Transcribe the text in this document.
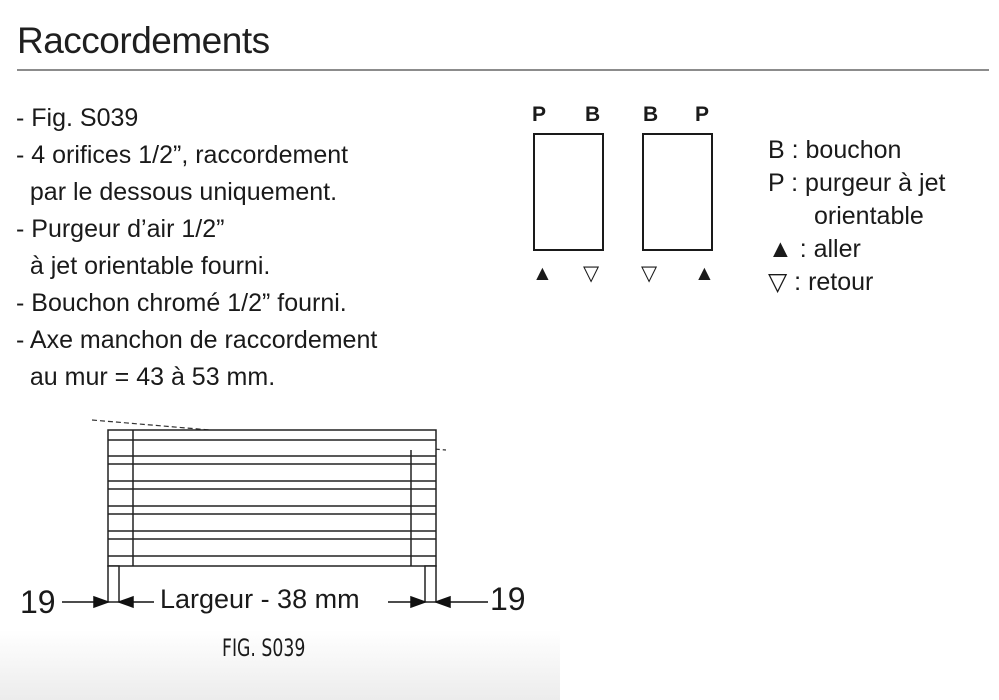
Raccordements
- Fig. S039
- 4 orifices 1/2”, raccordement
par le dessous uniquement.
- Purgeur d’air 1/2”
à jet orientable fourni.
- Bouchon chromé 1/2” fourni.
- Axe manchon de raccordement
au mur = 43 à 53 mm.
P B
▲ ▽
B P
▽ ▲
B : bouchon
P : purgeur à jet
orientable
▲ : aller
▽ : retour
19	Largeur - 38 mm	19
FIG. S039
